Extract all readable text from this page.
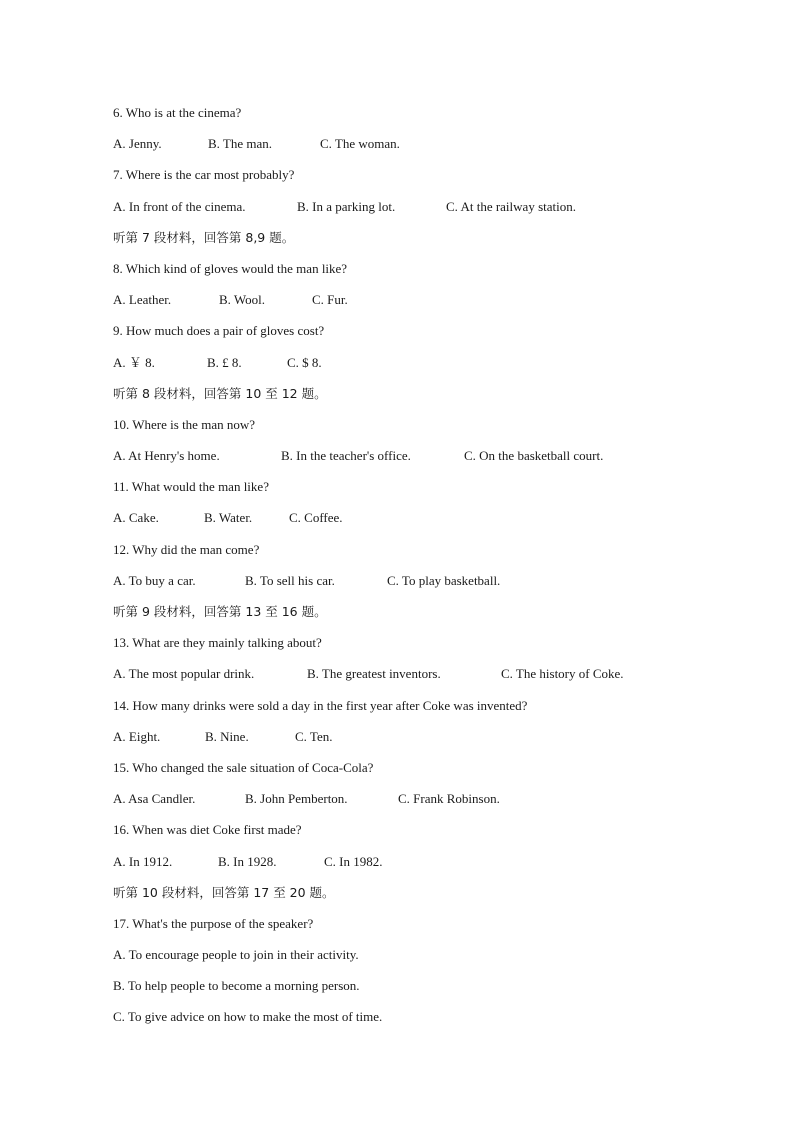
6. Who is at the cinema?
A. Jenny.	B. The man.	C. The woman.
7. Where is the car most probably?
A. In front of the cinema.	B. In a parking lot.	C. At the railway station.
听第 7 段材料，回答第 8,9 题。
8. Which kind of gloves would the man like?
A. Leather.	B. Wool.	C. Fur.
9. How much does a pair of gloves cost?
A. ￥ 8.	B. £ 8.	C. $ 8.
听第 8 段材料，回答第 10 至 12 题。
10. Where is the man now?
A. At Henry's home.	B. In the teacher's office.	C. On the basketball court.
11. What would the man like?
A. Cake.	B. Water.	C. Coffee.
12. Why did the man come?
A. To buy a car.	B. To sell his car.	C. To play basketball.
听第 9 段材料，回答第 13 至 16 题。
13. What are they mainly talking about?
A. The most popular drink.	B. The greatest inventors.	C. The history of Coke.
14. How many drinks were sold a day in the first year after Coke was invented?
A. Eight.	B. Nine.	C. Ten.
15. Who changed the sale situation of Coca-Cola?
A. Asa Candler.	B. John Pemberton.	C. Frank Robinson.
16. When was diet Coke first made?
A. In 1912.	B. In 1928.	C. In 1982.
听第 10 段材料，回答第 17 至 20 题。
17. What's the purpose of the speaker?
A. To encourage people to join in their activity.
B. To help people to become a morning person.
C. To give advice on how to make the most of time.
